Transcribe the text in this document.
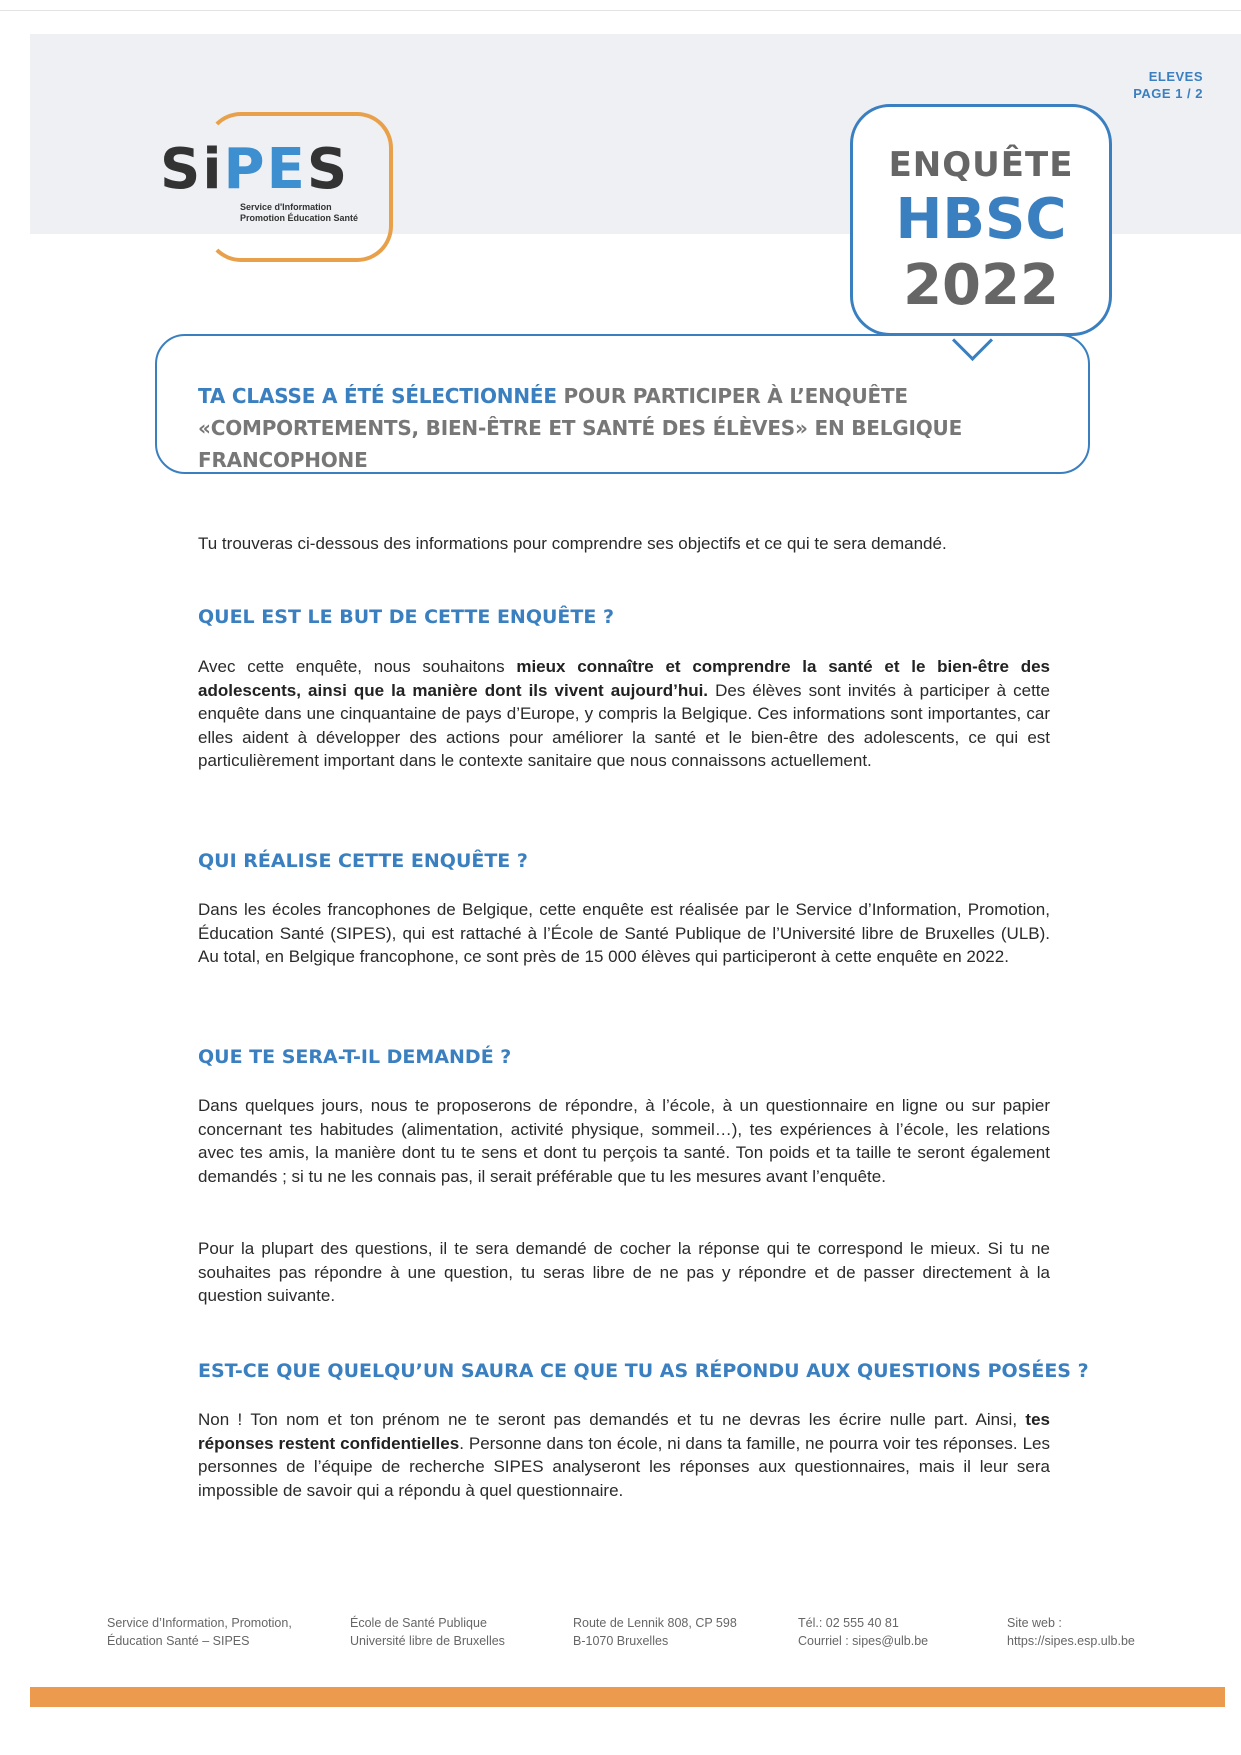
ELEVES
PAGE 1 / 2
SiPES
Service d'Information
Promotion Éducation Santé
ENQUÊTE
HBSC
2022
TA CLASSE A ÉTÉ SÉLECTIONNÉE POUR PARTICIPER À L’ENQUÊTE
«COMPORTEMENTS, BIEN-ÊTRE ET SANTÉ DES ÉLÈVES» EN BELGIQUE FRANCOPHONE
Tu trouveras ci-dessous des informations pour comprendre ses objectifs et ce qui te sera demandé.
QUEL EST LE BUT DE CETTE ENQUÊTE ?
Avec cette enquête, nous souhaitons mieux connaître et comprendre la santé et le bien-être des adolescents, ainsi que la manière dont ils vivent aujourd’hui. Des élèves sont invités à participer à cette enquête dans une cinquantaine de pays d’Europe, y compris la Belgique. Ces informations sont importantes, car elles aident à développer des actions pour améliorer la santé et le bien-être des adolescents, ce qui est particulièrement important dans le contexte sanitaire que nous connaissons actuellement.
QUI RÉALISE CETTE ENQUÊTE ?
Dans les écoles francophones de Belgique, cette enquête est réalisée par le Service d’Information, Promotion, Éducation Santé (SIPES), qui est rattaché à l’École de Santé Publique de l’Université libre de Bruxelles (ULB). Au total, en Belgique francophone, ce sont près de 15 000 élèves qui participeront à cette enquête en 2022.
QUE TE SERA-T-IL DEMANDÉ ?
Dans quelques jours, nous te proposerons de répondre, à l’école, à un questionnaire en ligne ou sur papier concernant tes habitudes (alimentation, activité physique, sommeil…), tes expériences à l’école, les relations avec tes amis, la manière dont tu te sens et dont tu perçois ta santé. Ton poids et ta taille te seront également demandés ; si tu ne les connais pas, il serait préférable que tu les mesures avant l’enquête.
Pour la plupart des questions, il te sera demandé de cocher la réponse qui te correspond le mieux. Si tu ne souhaites pas répondre à une question, tu seras libre de ne pas y répondre et de passer directement à la question suivante.
EST-CE QUE QUELQU’UN SAURA CE QUE TU AS RÉPONDU AUX QUESTIONS POSÉES ?
Non ! Ton nom et ton prénom ne te seront pas demandés et tu ne devras les écrire nulle part. Ainsi, tes réponses restent confidentielles. Personne dans ton école, ni dans ta famille, ne pourra voir tes réponses. Les personnes de l’équipe de recherche SIPES analyseront les réponses aux questionnaires, mais il leur sera impossible de savoir qui a répondu à quel questionnaire.
Service d’Information, Promotion,
Éducation Santé – SIPES
École de Santé Publique
Université libre de Bruxelles
Route de Lennik 808, CP 598
B-1070 Bruxelles
Tél.: 02 555 40 81
Courriel : sipes@ulb.be
Site web :
https://sipes.esp.ulb.be
